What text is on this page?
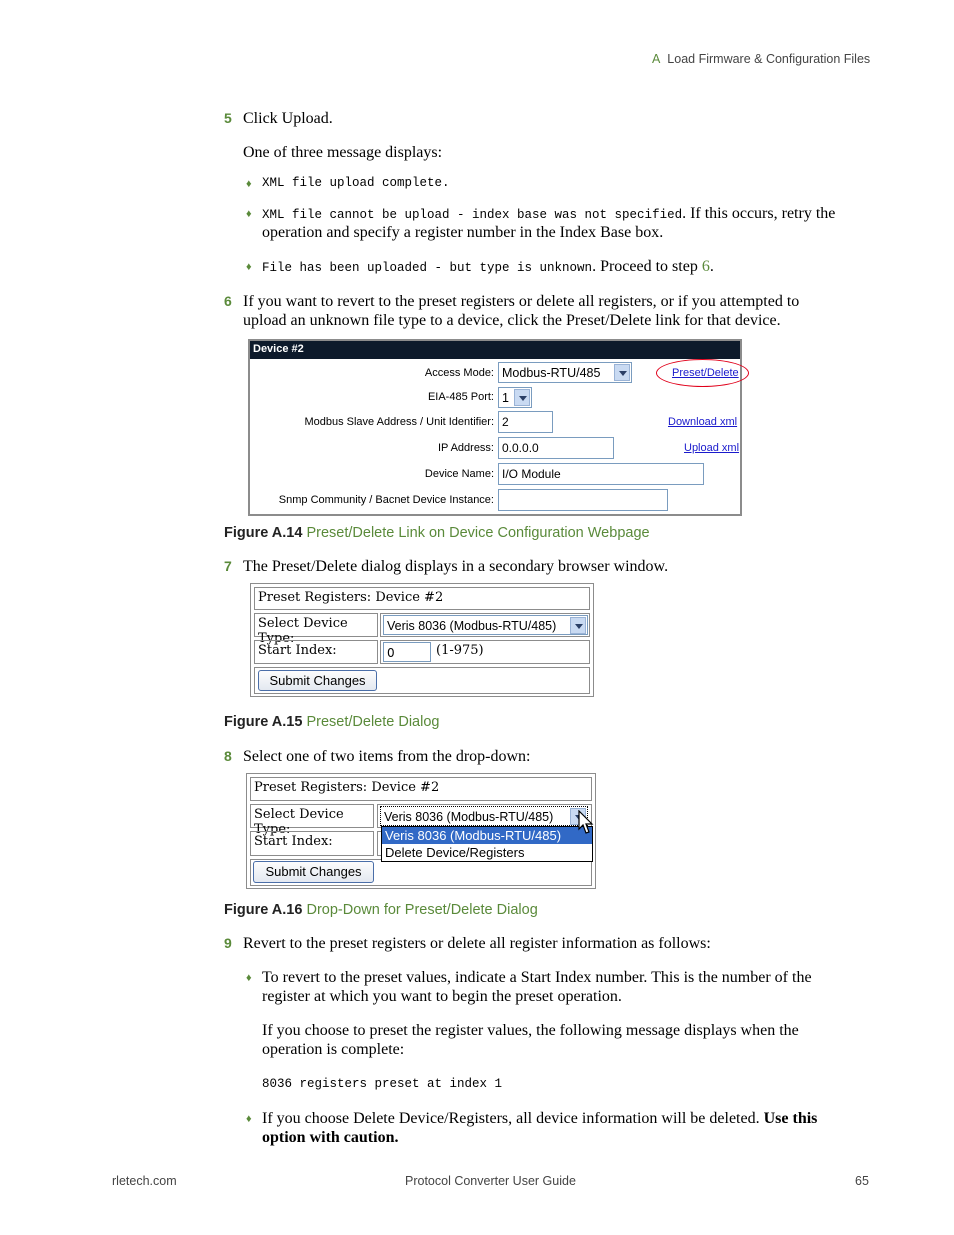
A Load Firmware & Configuration Files
5 Click Upload.
One of three message displays:
♦ XML file upload complete.
♦ XML file cannot be upload - index base was not specified. If this occurs, retry the
operation and specify a register number in the Index Base box.
♦ File has been uploaded - but type is unknown. Proceed to step 6.
6 If you want to revert to the preset registers or delete all registers, or if you attempted to
upload an unknown file type to a device, click the Preset/Delete link for that device.
Device #2
Access Mode: Modbus-RTU/485	Preset/Delete
EIA-485 Port: 1
Modbus Slave Address / Unit Identifier: 2	Download xml
IP Address: 0.0.0.0	Upload xml
Device Name: I/O Module
Snmp Community / Bacnet Device Instance:
Figure A.14 Preset/Delete Link on Device Configuration Webpage
7 The Preset/Delete dialog displays in a secondary browser window.
Preset Registers: Device #2
Select Device Type:
Veris 8036 (Modbus-RTU/485)
Start Index:	0	(1-975)
Submit Changes
Figure A.15 Preset/Delete Dialog
8 Select one of two items from the drop-down:
Preset Registers: Device #2
Select Device Type:
Veris 8036 (Modbus-RTU/485)
Start Index:
Submit Changes
Veris 8036 (Modbus-RTU/485)
Delete Device/Registers
Figure A.16 Drop-Down for Preset/Delete Dialog
9 Revert to the preset registers or delete all register information as follows:
♦ To revert to the preset values, indicate a Start Index number. This is the number of the
register at which you want to begin the preset operation.
If you choose to preset the register values, the following message displays when the
operation is complete:
8036 registers preset at index 1
♦ If you choose Delete Device/Registers, all device information will be deleted. Use this
option with caution.
rletech.com	Protocol Converter User Guide	65
